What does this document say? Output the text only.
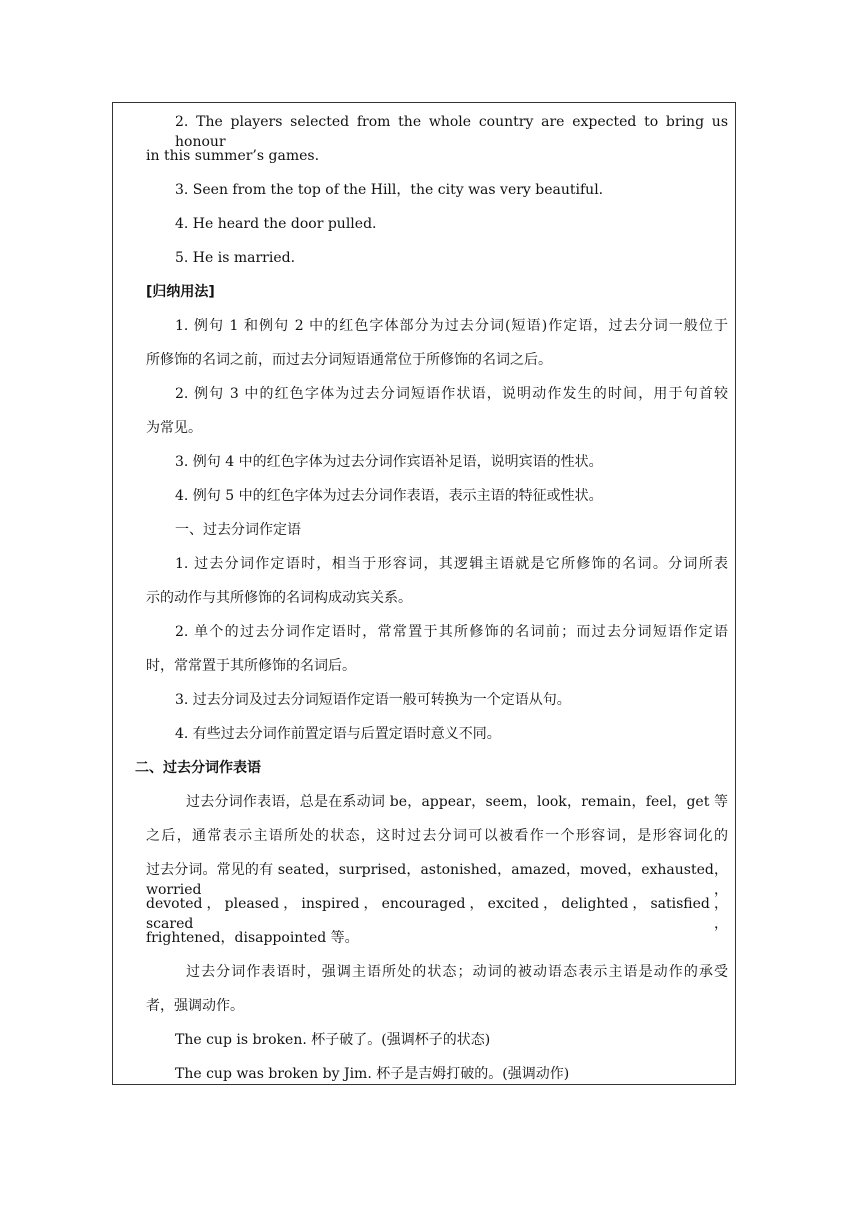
2. The players selected from the whole country are expected to bring us honour
in this summer’s games.
3. Seen from the top of the Hill，the city was very beautiful.
4. He heard the door pulled.
5. He is married.
[归纳用法]
1. 例句 1 和例句 2 中的红色字体部分为过去分词(短语)作定语，过去分词一般位于
所修饰的名词之前，而过去分词短语通常位于所修饰的名词之后。
2. 例句 3 中的红色字体为过去分词短语作状语，说明动作发生的时间，用于句首较
为常见。
3. 例句 4 中的红色字体为过去分词作宾语补足语，说明宾语的性状。
4. 例句 5 中的红色字体为过去分词作表语，表示主语的特征或性状。
一、过去分词作定语
1. 过去分词作定语时，相当于形容词，其逻辑主语就是它所修饰的名词。分词所表
示的动作与其所修饰的名词构成动宾关系。
2. 单个的过去分词作定语时，常常置于其所修饰的名词前；而过去分词短语作定语
时，常常置于其所修饰的名词后。
3. 过去分词及过去分词短语作定语一般可转换为一个定语从句。
4. 有些过去分词作前置定语与后置定语时意义不同。
二、过去分词作表语
过去分词作表语，总是在系动词 be，appear，seem，look，remain，feel，get 等
之后，通常表示主语所处的状态，这时过去分词可以被看作一个形容词，是形容词化的
过去分词。常见的有 seated，surprised，astonished，amazed，moved，exhausted，worried，
devoted，pleased，inspired，encouraged，excited，delighted，satisfied，scared，
frightened，disappointed 等。
过去分词作表语时，强调主语所处的状态；动词的被动语态表示主语是动作的承受
者，强调动作。
The cup is broken. 杯子破了。(强调杯子的状态)
The cup was broken by Jim. 杯子是吉姆打破的。(强调动作)
